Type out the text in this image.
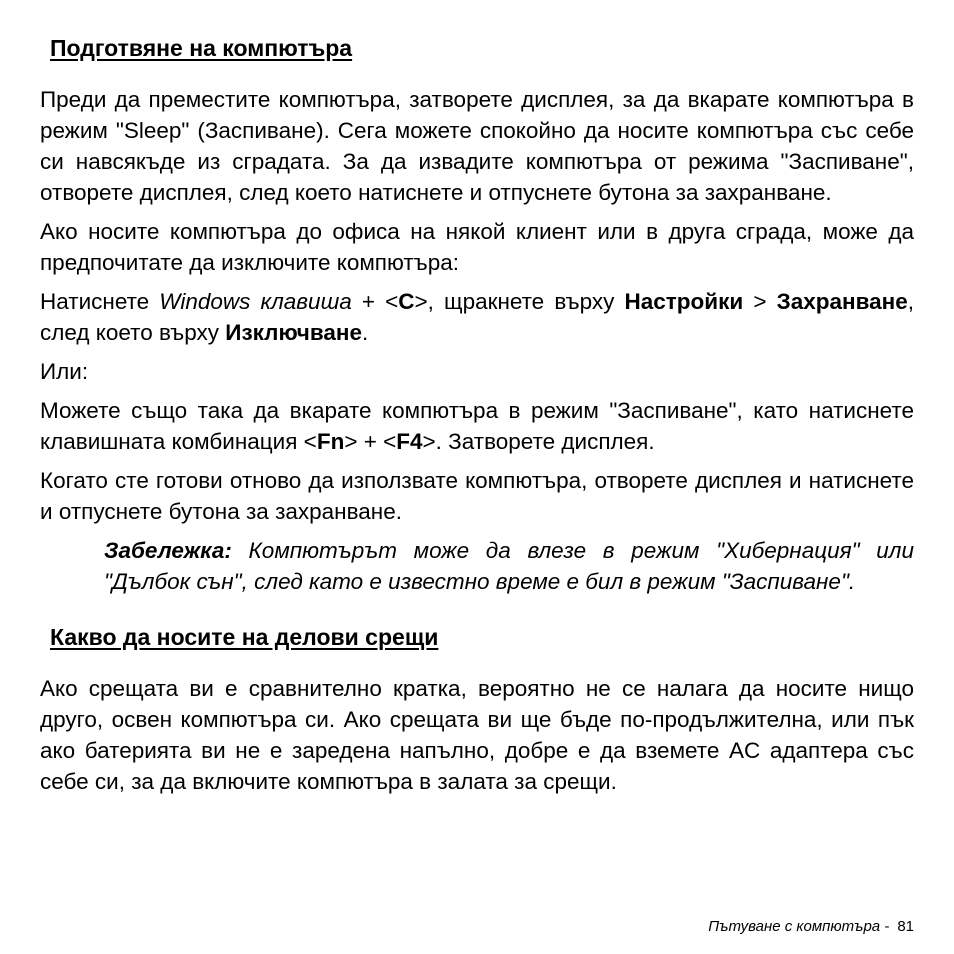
Подготвяне на компютъра

Преди да преместите компютъра, затворете дисплея, за да вкарате компютъра в режим "Sleep" (Заспиване). Сега можете спокойно да носите компютъра със себе си навсякъде из сградата. За да извадите компютъра от режима "Заспиване", отворете дисплея, след което натиснете и отпуснете бутона за захранване.

Ако носите компютъра до офиса на някой клиент или в друга сграда, може да предпочитате да изключите компютъра:

Натиснете Windows клавиша + <C>, щракнете върху Настройки > Захранване, след което върху Изключване.

Или:

Можете също така да вкарате компютъра в режим "Заспиване", като натиснете клавишната комбинация <Fn> + <F4>. Затворете дисплея.

Когато сте готови отново да използвате компютъра, отворете дисплея и натиснете и отпуснете бутона за захранване.

Забележка: Компютърът може да влезе в режим "Хибернация" или "Дълбок сън", след като е известно време е бил в режим "Заспиване".

Какво да носите на делови срещи

Ако срещата ви е сравнително кратка, вероятно не се налага да носите нищо друго, освен компютъра си. Ако срещата ви ще бъде по-продължителна, или пък ако батерията ви не е заредена напълно, добре е да вземете AC адаптера със себе си, за да включите компютъра в залата за срещи.

Пътуване с компютъра - 81
